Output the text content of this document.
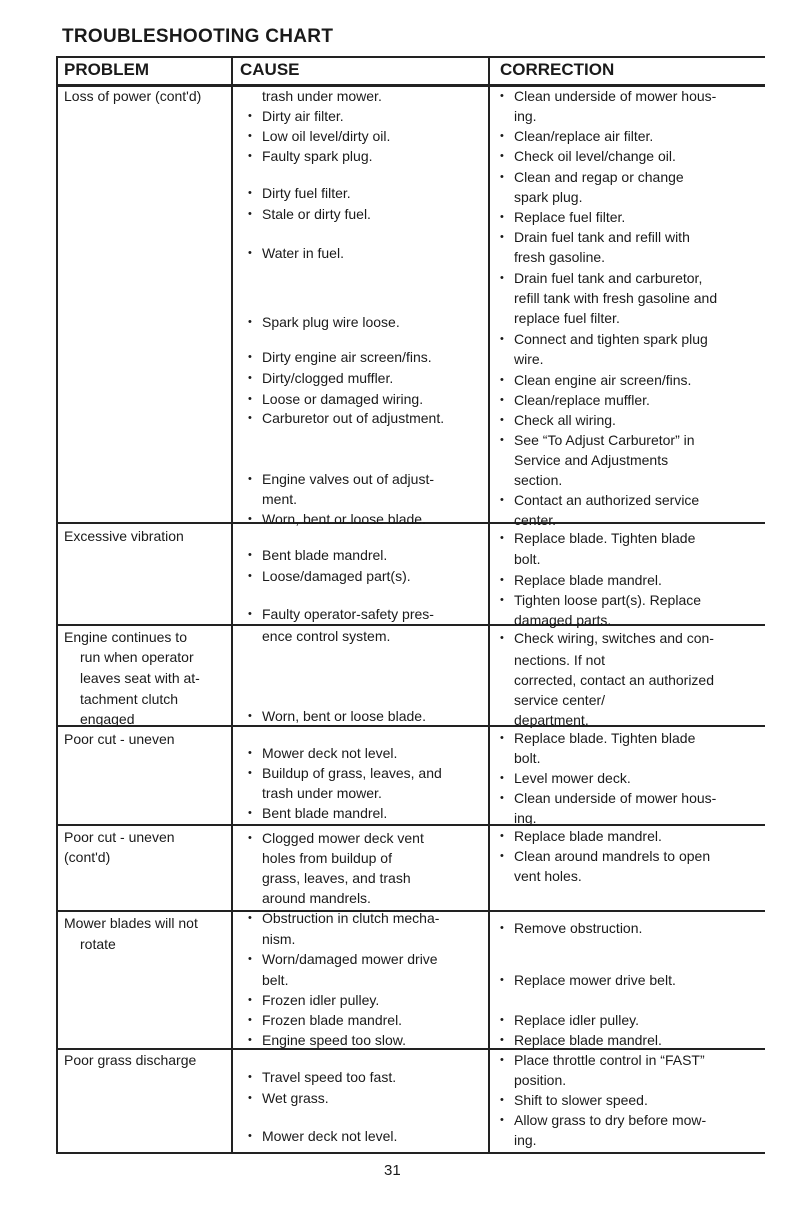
TROUBLESHOOTING CHART
PROBLEM	CAUSE	CORRECTION
Loss of power (cont'd)
Excessive vibration
Engine continues to
run when operator
leaves seat with at-
tachment clutch
engaged
Poor cut - uneven
Poor cut - uneven
(cont'd)
Mower blades will not
rotate
Poor grass discharge
trash under mower.
Dirty air filter.
•
Low oil level/dirty oil.
•
Faulty spark plug.
•
Dirty fuel filter.
•
Stale or dirty fuel.
•
Water in fuel.
•
Spark plug wire loose.
•
Dirty engine air screen/fins.
•
Dirty/clogged muffler.
•
Loose or damaged wiring.
•
Carburetor out of adjustment.
•
Engine valves out of adjust-
•
ment.
Worn, bent or loose blade.
•
Bent blade mandrel.
•
Loose/damaged part(s).
•
Faulty operator-safety pres-
•
ence control system.
Worn, bent or loose blade.
•
Mower deck not level.
•
Buildup of grass, leaves, and
•
trash under mower.
Bent blade mandrel.
•
Clogged mower deck vent
•
holes from buildup of
grass, leaves, and trash
around mandrels.
Obstruction in clutch mecha-
•
nism.
Worn/damaged mower drive
•
belt.
Frozen idler pulley.
•
Frozen blade mandrel.
•
Engine speed too slow.
•
Travel speed too fast.
•
Wet grass.
•
Mower deck not level.
•
Clean underside of mower hous-
•
ing.
Clean/replace air filter.
•
Check oil level/change oil.
•
Clean and regap or change
•
spark plug.
Replace fuel filter.
•
Drain fuel tank and refill with
•
fresh gasoline.
Drain fuel tank and carburetor,
•
refill tank with fresh gasoline and
replace fuel filter.
Connect and tighten spark plug
•
wire.
Clean engine air screen/fins.
•
Clean/replace muffler.
•
Check all wiring.
•
See “To Adjust Carburetor” in
•
Service and Adjustments
section.
Contact an authorized service
•
center.
Replace blade. Tighten blade
•
bolt.
Replace blade mandrel.
•
Tighten loose part(s). Replace
•
damaged parts.
Check wiring, switches and con-
•
nections. If not
corrected, contact an authorized
service center/
department.
Replace blade. Tighten blade
•
bolt.
Level mower deck.
•
Clean underside of mower hous-
•
ing.
Replace blade mandrel.
•
Clean around mandrels to open
•
vent holes.
Remove obstruction.
•
Replace mower drive belt.
•
Replace idler pulley.
•
Replace blade mandrel.
•
Place throttle control in “FAST”
•
position.
Shift to slower speed.
•
Allow grass to dry before mow-
•
ing.
31
